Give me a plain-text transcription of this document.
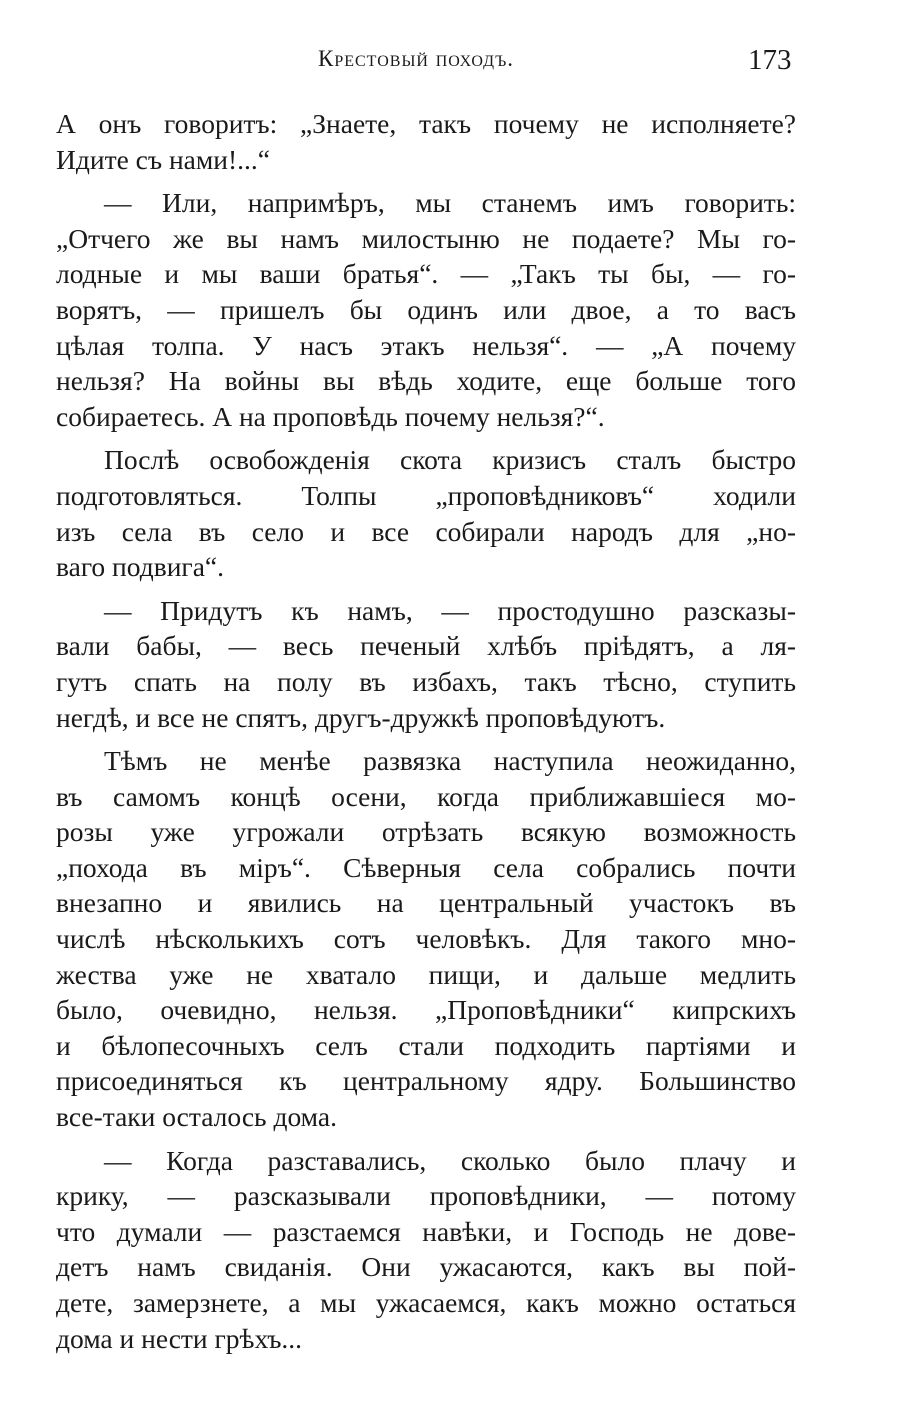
Крестовый походъ.	173
А онъ говоритъ: „Знаете, такъ почему не исполняете?
Идите съ нами!...“
— Или, напримѣръ, мы станемъ имъ говорить:
„Отчего же вы намъ милостыню не подаете? Мы го-
лодные и мы ваши братья“. — „Такъ ты бы, — го-
ворятъ, — пришелъ бы одинъ или двое, а то васъ
цѣлая толпа. У насъ этакъ нельзя“. — „А почему
нельзя? На войны вы вѣдь ходите, еще больше того
собираетесь. А на проповѣдь почему нельзя?“.
Послѣ освобожденія скота кризисъ сталъ быстро
подготовляться. Толпы „проповѣдниковъ“ ходили
изъ села въ село и все собирали народъ для „но-
ваго подвига“.
— Придутъ къ намъ, — простодушно разсказы-
вали бабы, — весь печеный хлѣбъ пріѣдятъ, а ля-
гутъ спать на полу въ избахъ, такъ тѣсно, ступить
негдѣ, и все не спятъ, другъ-дружкѣ проповѣдуютъ.
Тѣмъ не менѣе развязка наступила неожиданно,
въ самомъ концѣ осени, когда приближавшіеся мо-
розы уже угрожали отрѣзать всякую возможность
„похода въ міръ“. Сѣверныя села собрались почти
внезапно и явились на центральный участокъ въ
числѣ нѣсколькихъ сотъ человѣкъ. Для такого мно-
жества уже не хватало пищи, и дальше медлить
было, очевидно, нельзя. „Проповѣдники“ кипрскихъ
и бѣлопесочныхъ селъ стали подходить партіями и
присоединяться къ центральному ядру. Большинство
все-таки осталось дома.
— Когда разставались, сколько было плачу и
крику, — разсказывали проповѣдники, — потому
что думали — разстаемся навѣки, и Господь не дове-
детъ намъ свиданія. Они ужасаются, какъ вы пой-
дете, замерзнете, а мы ужасаемся, какъ можно остаться
дома и нести грѣхъ...
